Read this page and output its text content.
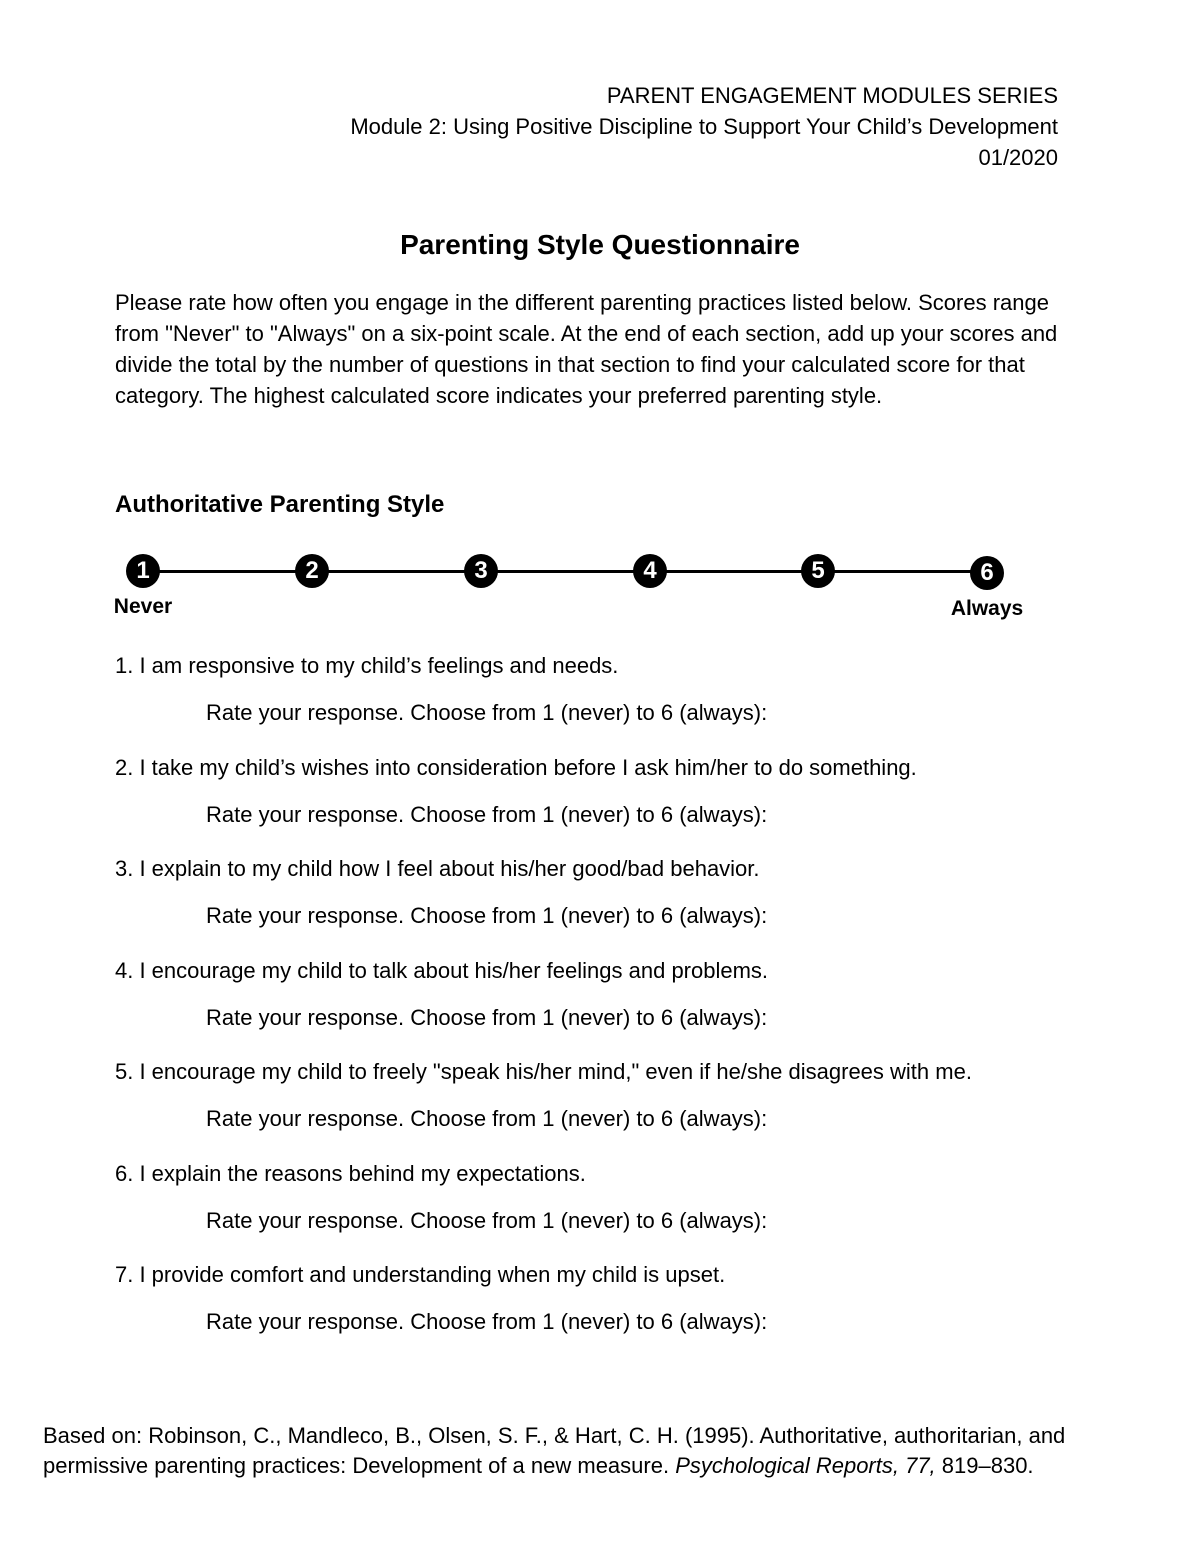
PARENT ENGAGEMENT MODULES SERIES
Module 2: Using Positive Discipline to Support Your Child’s Development
01/2020
Parenting Style Questionnaire
Please rate how often you engage in the different parenting practices listed below. Scores range from "Never" to "Always" on a six-point scale. At the end of each section, add up your scores and divide the total by the number of questions in that section to find your calculated score for that category. The highest calculated score indicates your preferred parenting style.
Authoritative Parenting Style
1	2	3	4	5	6
Never	Always
1. I am responsive to my child’s feelings and needs.
Rate your response. Choose from 1 (never) to 6 (always):
2. I take my child’s wishes into consideration before I ask him/her to do something.
Rate your response. Choose from 1 (never) to 6 (always):
3. I explain to my child how I feel about his/her good/bad behavior.
Rate your response. Choose from 1 (never) to 6 (always):
4. I encourage my child to talk about his/her feelings and problems.
Rate your response. Choose from 1 (never) to 6 (always):
5. I encourage my child to freely "speak his/her mind," even if he/she disagrees with me.
Rate your response. Choose from 1 (never) to 6 (always):
6. I explain the reasons behind my expectations.
Rate your response. Choose from 1 (never) to 6 (always):
7. I provide comfort and understanding when my child is upset.
Rate your response. Choose from 1 (never) to 6 (always):
Based on: Robinson, C., Mandleco, B., Olsen, S. F., & Hart, C. H. (1995). Authoritative, authoritarian, and permissive parenting practices: Development of a new measure. Psychological Reports, 77, 819–830.
